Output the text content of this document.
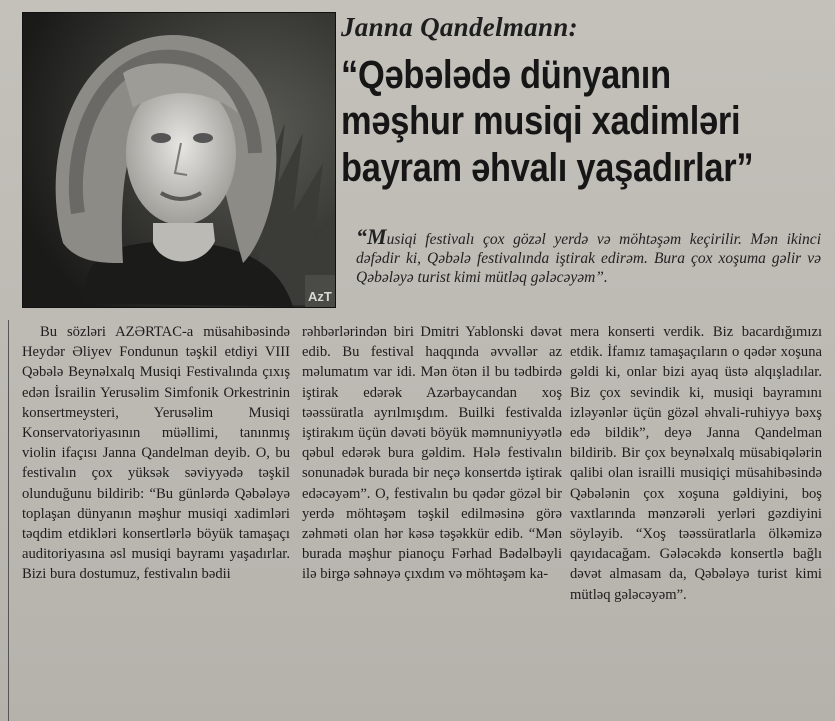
AzT
Janna Qandelmann:
“Qəbələdə dünyanın
məşhur musiqi xadimləri
bayram əhvalı yaşadırlar”
“Musiqi festivalı çox gözəl yerdə və möhtəşəm keçirilir. Mən ikinci dəfədir ki, Qəbələ festivalında iştirak edirəm. Bura çox xoşuma gəlir və Qəbələyə turist kimi mütləq gələcəyəm”.
Bu sözləri AZƏRTAC-a müsahibəsində Heydər Əliyev Fondunun təşkil etdiyi VIII Qəbələ Beynəlxalq Musiqi Festivalında çıxış edən İsrailin Yerusəlim Simfonik Orkestrinin konsertmeysteri, Yerusəlim Musiqi Konservatoriyasının müəllimi, tanınmış violin ifaçısı Janna Qandelman deyib. O, bu festivalın çox yüksək səviyyədə təşkil olunduğunu bildirib: “Bu günlərdə Qəbələyə toplaşan dünyanın məşhur musiqi xadimləri təqdim etdikləri konsertlərlə böyük tamaşaçı auditoriyasına əsl musiqi bayramı yaşadırlar. Bizi bura dostumuz, festivalın bədii
rəhbərlərindən biri Dmitri Yablonski dəvət edib. Bu festival haqqında əvvəllər az məlumatım var idi. Mən ötən il bu tədbirdə iştirak edərək Azərbaycandan xoş təəssüratla ayrılmışdım. Builki festivalda iştirakım üçün dəvəti böyük məmnuniyyətlə qəbul edərək bura gəldim. Hələ festivalın sonunadək burada bir neçə konsertdə iştirak edəcəyəm”. O, festivalın bu qədər gözəl bir yerdə möhtəşəm təşkil edilməsinə görə zəhməti olan hər kəsə təşəkkür edib. “Mən burada məşhur pianoçu Fərhad Bədəlbəyli ilə birgə səhnəyə çıxdım və möhtəşəm ka-
mera konserti verdik. Biz bacardığımızı etdik. İfamız tamaşaçıların o qədər xoşuna gəldi ki, onlar bizi ayaq üstə alqışladılar. Biz çox sevindik ki, musiqi bayramını izləyənlər üçün gözəl əhvali-ruhiyyə bəxş edə bildik”, deyə Janna Qandelman bildirib. Bir çox beynəlxalq müsabiqələrin qalibi olan israilli musiqiçi müsahibəsində Qəbələnin çox xoşuna gəldiyini, boş vaxtlarında mənzərəli yerləri gəzdiyini söyləyib. “Xoş təəssüratlarla ölkəmizə qayıdacağam. Gələcəkdə konsertlə bağlı dəvət almasam da, Qəbələyə turist kimi mütləq gələcəyəm”.
